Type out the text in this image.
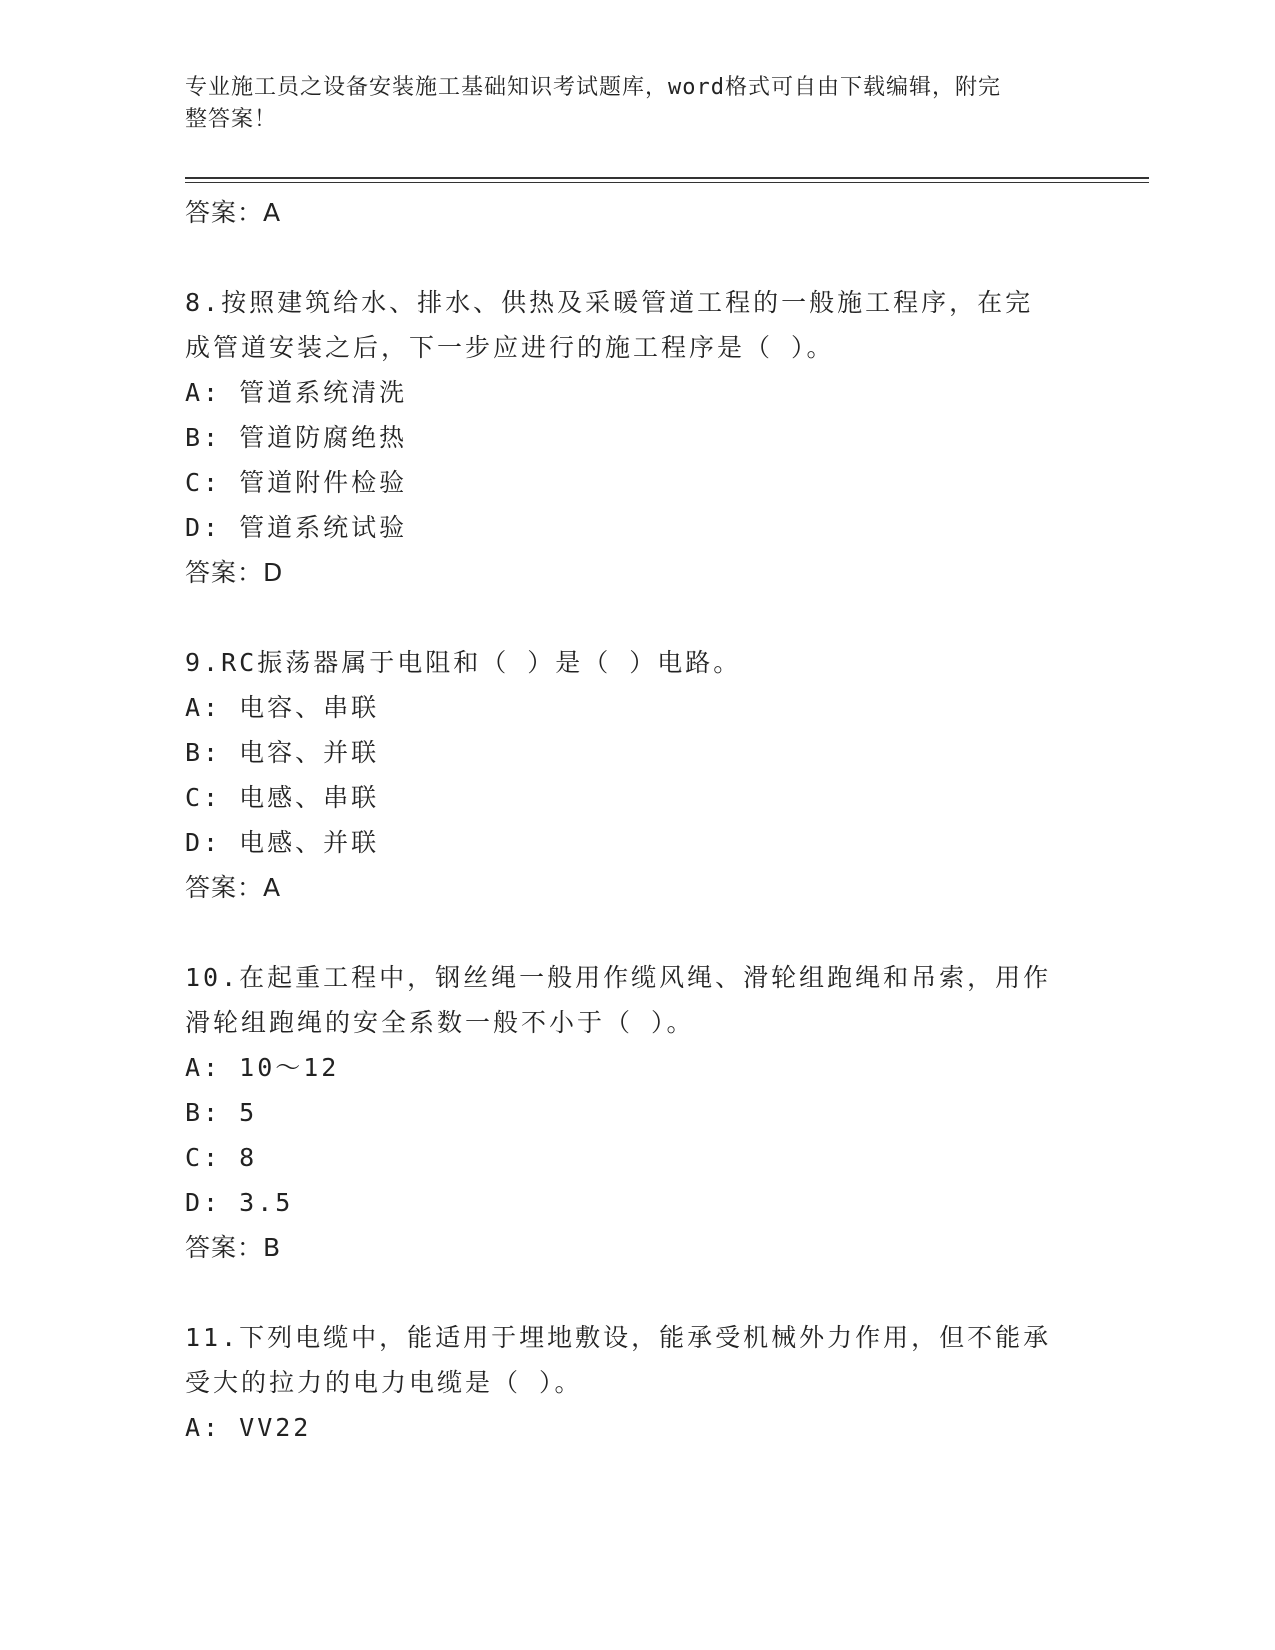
专业施工员之设备安装施工基础知识考试题库，word格式可自由下载编辑，附完
整答案！
答案：A
8.按照建筑给水、排水、供热及采暖管道工程的一般施工程序，在完
成管道安装之后，下一步应进行的施工程序是（ ）。
A: 管道系统清洗
B: 管道防腐绝热
C: 管道附件检验
D: 管道系统试验
答案：D
9.RC振荡器属于电阻和（ ）是（ ）电路。
A: 电容、串联
B: 电容、并联
C: 电感、串联
D: 电感、并联
答案：A
10.在起重工程中，钢丝绳一般用作缆风绳、滑轮组跑绳和吊索，用作
滑轮组跑绳的安全系数一般不小于（ ）。
A: 10～12
B: 5
C: 8
D: 3.5
答案：B
11.下列电缆中，能适用于埋地敷设，能承受机械外力作用，但不能承
受大的拉力的电力电缆是（ ）。
A: VV22
